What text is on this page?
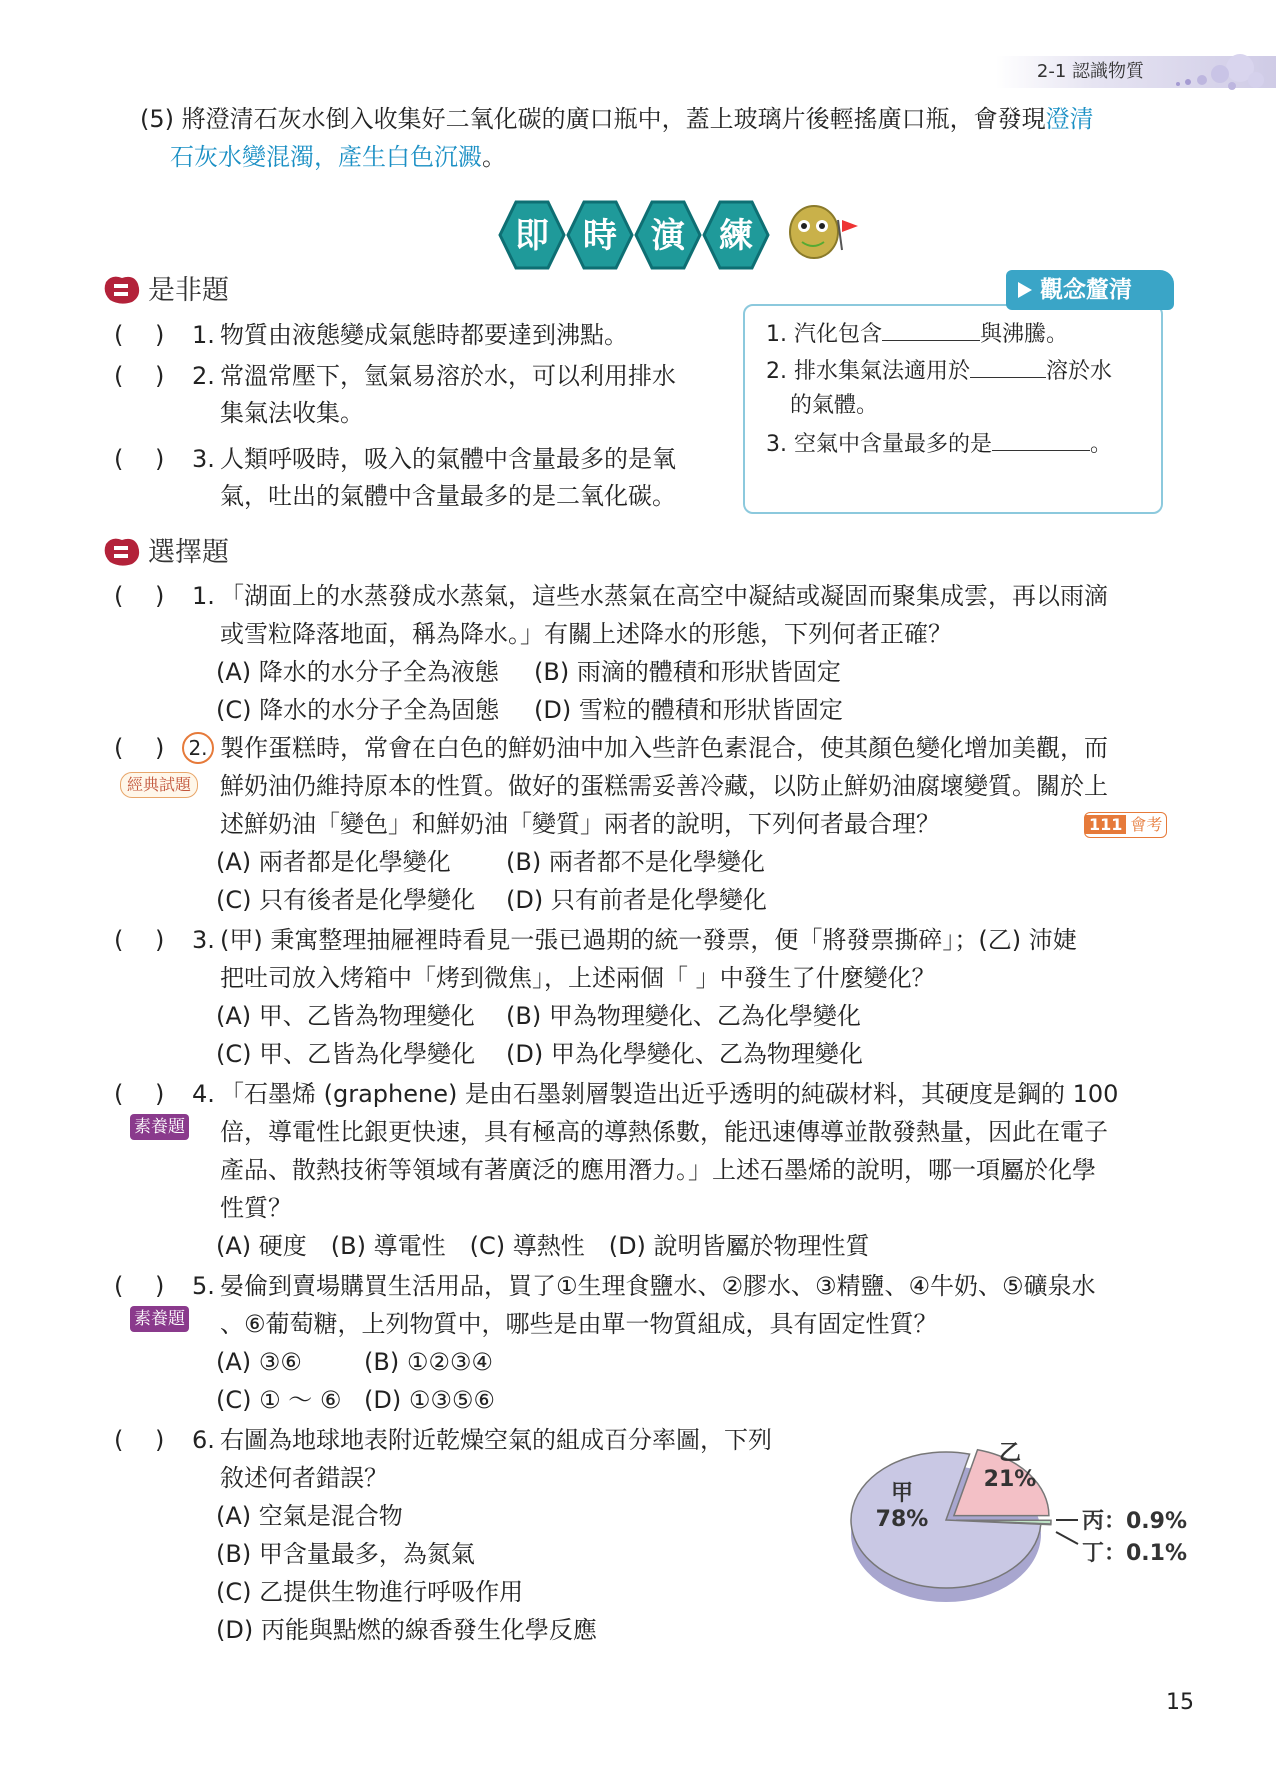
2-1 認識物質
(5) 將澄清石灰水倒入收集好二氧化碳的廣口瓶中，蓋上玻璃片後輕搖廣口瓶，會發現澄清
石灰水變混濁，產生白色沉澱。
即 時 演 練
是非題
(　 ) 1. 物質由液態變成氣態時都要達到沸點。
(　 ) 2. 常溫常壓下，氫氣易溶於水，可以利用排水
集氣法收集。
(　 ) 3. 人類呼吸時，吸入的氣體中含量最多的是氧
氣，吐出的氣體中含量最多的是二氧化碳。
觀念釐清
1. 汽化包含	與沸騰。
2. 排水集氣法適用於	溶於水
的氣體。
3. 空氣中含量最多的是	。
選擇題
(　 ) 1. 「湖面上的水蒸發成水蒸氣，這些水蒸氣在高空中凝結或凝固而聚集成雲，再以雨滴
或雪粒降落地面，稱為降水。」有關上述降水的形態，下列何者正確？
(A) 降水的水分子全為液態 (B) 雨滴的體積和形狀皆固定
(C) 降水的水分子全為固態 (D) 雪粒的體積和形狀皆固定
(　 )	2.
經典試題
製作蛋糕時，常會在白色的鮮奶油中加入些許色素混合，使其顏色變化增加美觀，而
鮮奶油仍維持原本的性質。做好的蛋糕需妥善冷藏，以防止鮮奶油腐壞變質。關於上
述鮮奶油「變色」和鮮奶油「變質」兩者的說明，下列何者最合理？	111 會考
(A) 兩者都是化學變化 (B) 兩者都不是化學變化
(C) 只有後者是化學變化 (D) 只有前者是化學變化
(　 ) 3. (甲) 秉寓整理抽屜裡時看見一張已過期的統一發票，便「將發票撕碎」；(乙) 沛婕
把吐司放入烤箱中「烤到微焦」，上述兩個「 」中發生了什麼變化？
(A) 甲、乙皆為物理變化 (B) 甲為物理變化、乙為化學變化
(C) 甲、乙皆為化學變化 (D) 甲為化學變化、乙為物理變化
(　 ) 4.
素養題
「石墨烯 (graphene) 是由石墨剝層製造出近乎透明的純碳材料，其硬度是鋼的 100
倍，導電性比銀更快速，具有極高的導熱係數，能迅速傳導並散發熱量，因此在電子
產品、散熱技術等領域有著廣泛的應用潛力。」上述石墨烯的說明，哪一項屬於化學
性質？
(A) 硬度　(B) 導電性　(C) 導熱性　(D) 說明皆屬於物理性質
(　 ) 5.
素養題
晏倫到賣場購買生活用品，買了①生理食鹽水、②膠水、③精鹽、④牛奶、⑤礦泉水
、⑥葡萄糖，上列物質中，哪些是由單一物質組成，具有固定性質？
(A) ③⑥	(B) ①②③④
(C) ① ～ ⑥ (D) ①③⑤⑥
(　 ) 6. 右圖為地球地表附近乾燥空氣的組成百分率圖，下列
敘述何者錯誤？
(A) 空氣是混合物
(B) 甲含量最多，為氮氣
(C) 乙提供生物進行呼吸作用
(D) 丙能與點燃的線香發生化學反應
甲
78%
乙
21%
丙：0.9%
丁：0.1%
15
